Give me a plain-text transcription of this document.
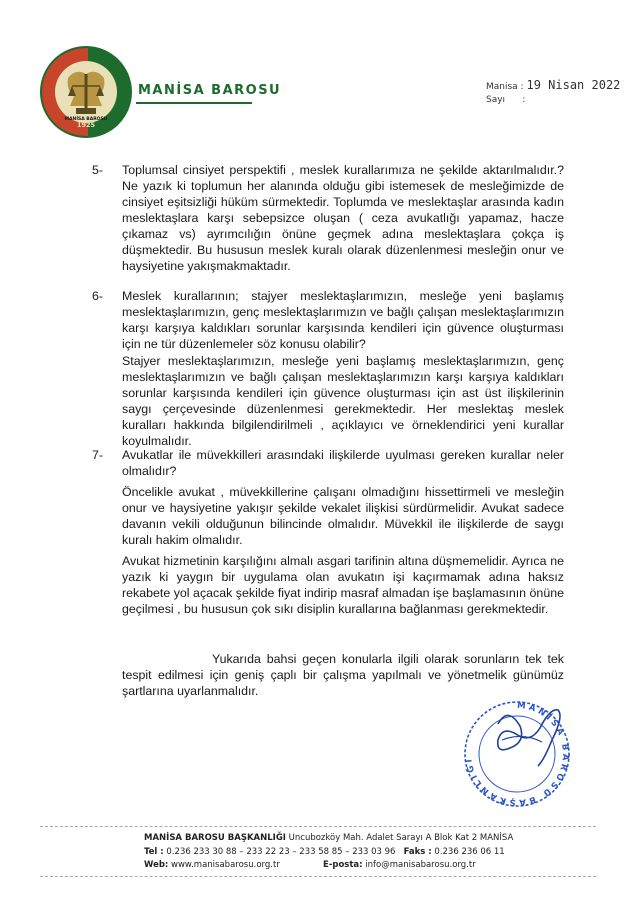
1925
MANİSA BAROSU
MANİSA BAROSU	Manisa : 19 Nisan 2022
Sayı :
5- Toplumsal cinsiyet perspektifi , meslek kurallarımıza ne şekilde aktarılmalıdır.? Ne yazık ki toplumun her alanında olduğu gibi istemesek de mesleğimizde de cinsiyet eşitsizliği hüküm sürmektedir. Toplumda ve meslektaşlar arasında kadın meslektaşlara karşı sebepsizce oluşan ( ceza avukatlığı yapamaz, hacze çıkamaz vs) ayrımcılığın önüne geçmek adına meslektaşlara çokça iş düşmektedir. Bu hususun meslek kuralı olarak düzenlenmesi mesleğin onur ve haysiyetine yakışmakmaktadır.
6- Meslek kurallarının; stajyer meslektaşlarımızın, mesleğe yeni başlamış meslektaşlarımızın, genç meslektaşlarımızın ve bağlı çalışan meslektaşlarımızın karşı karşıya kaldıkları sorunlar karşısında kendileri için güvence oluşturması için ne tür düzenlemeler söz konusu olabilir?
Stajyer meslektaşlarımızın, mesleğe yeni başlamış meslektaşlarımızın, genç meslektaşlarımızın ve bağlı çalışan meslektaşlarımızın karşı karşıya kaldıkları sorunlar karşısında kendileri için güvence oluşturması için ast üst ilişkilerinin saygı çerçevesinde düzenlenmesi gerekmektedir. Her meslektaş meslek kuralları hakkında bilgilendirilmeli , açıklayıcı ve örneklendirici yeni kurallar koyulmalıdır.
7- Avukatlar ile müvekkilleri arasındaki ilişkilerde uyulması gereken kurallar neler olmalıdır?
Öncelikle avukat , müvekkillerine çalışanı olmadığını hissettirmeli ve mesleğin onur ve haysiyetine yakışır şekilde vekalet ilişkisi sürdürmelidir. Avukat sadece davanın vekili olduğunun bilincinde olmalıdır. Müvekkil ile ilişkilerde de saygı kuralı hakim olmalıdır.
Avukat hizmetinin karşılığını almalı asgari tarifinin altına düşmemelidir. Ayrıca ne yazık ki yaygın bir uygulama olan avukatın işi kaçırmamak adına haksız rekabete yol açacak şekilde fiyat indirip masraf almadan işe başlamasının önüne geçilmesi , bu hususun çok sıkı disiplin kurallarına bağlanması gerekmektedir.
Yukarıda bahsi geçen konularla ilgili olarak sorunların tek tek tespit edilmesi için geniş çaplı bir çalışma yapılmalı ve yönetmelik günümüz şartlarına uyarlanmalıdır.
MANİSA BAROSU BAŞKANLIĞI
MANİSA BAROSU BAŞKANLIĞI Uncubozköy Mah. Adalet Sarayı A Blok Kat 2 MANİSA
Tel : 0.236 233 30 88 – 233 22 23 – 233 58 85 – 233 03 96 Faks : 0.236 236 06 11
Web: www.manisabarosu.org.tr	E-posta: info@manisabarosu.org.tr
